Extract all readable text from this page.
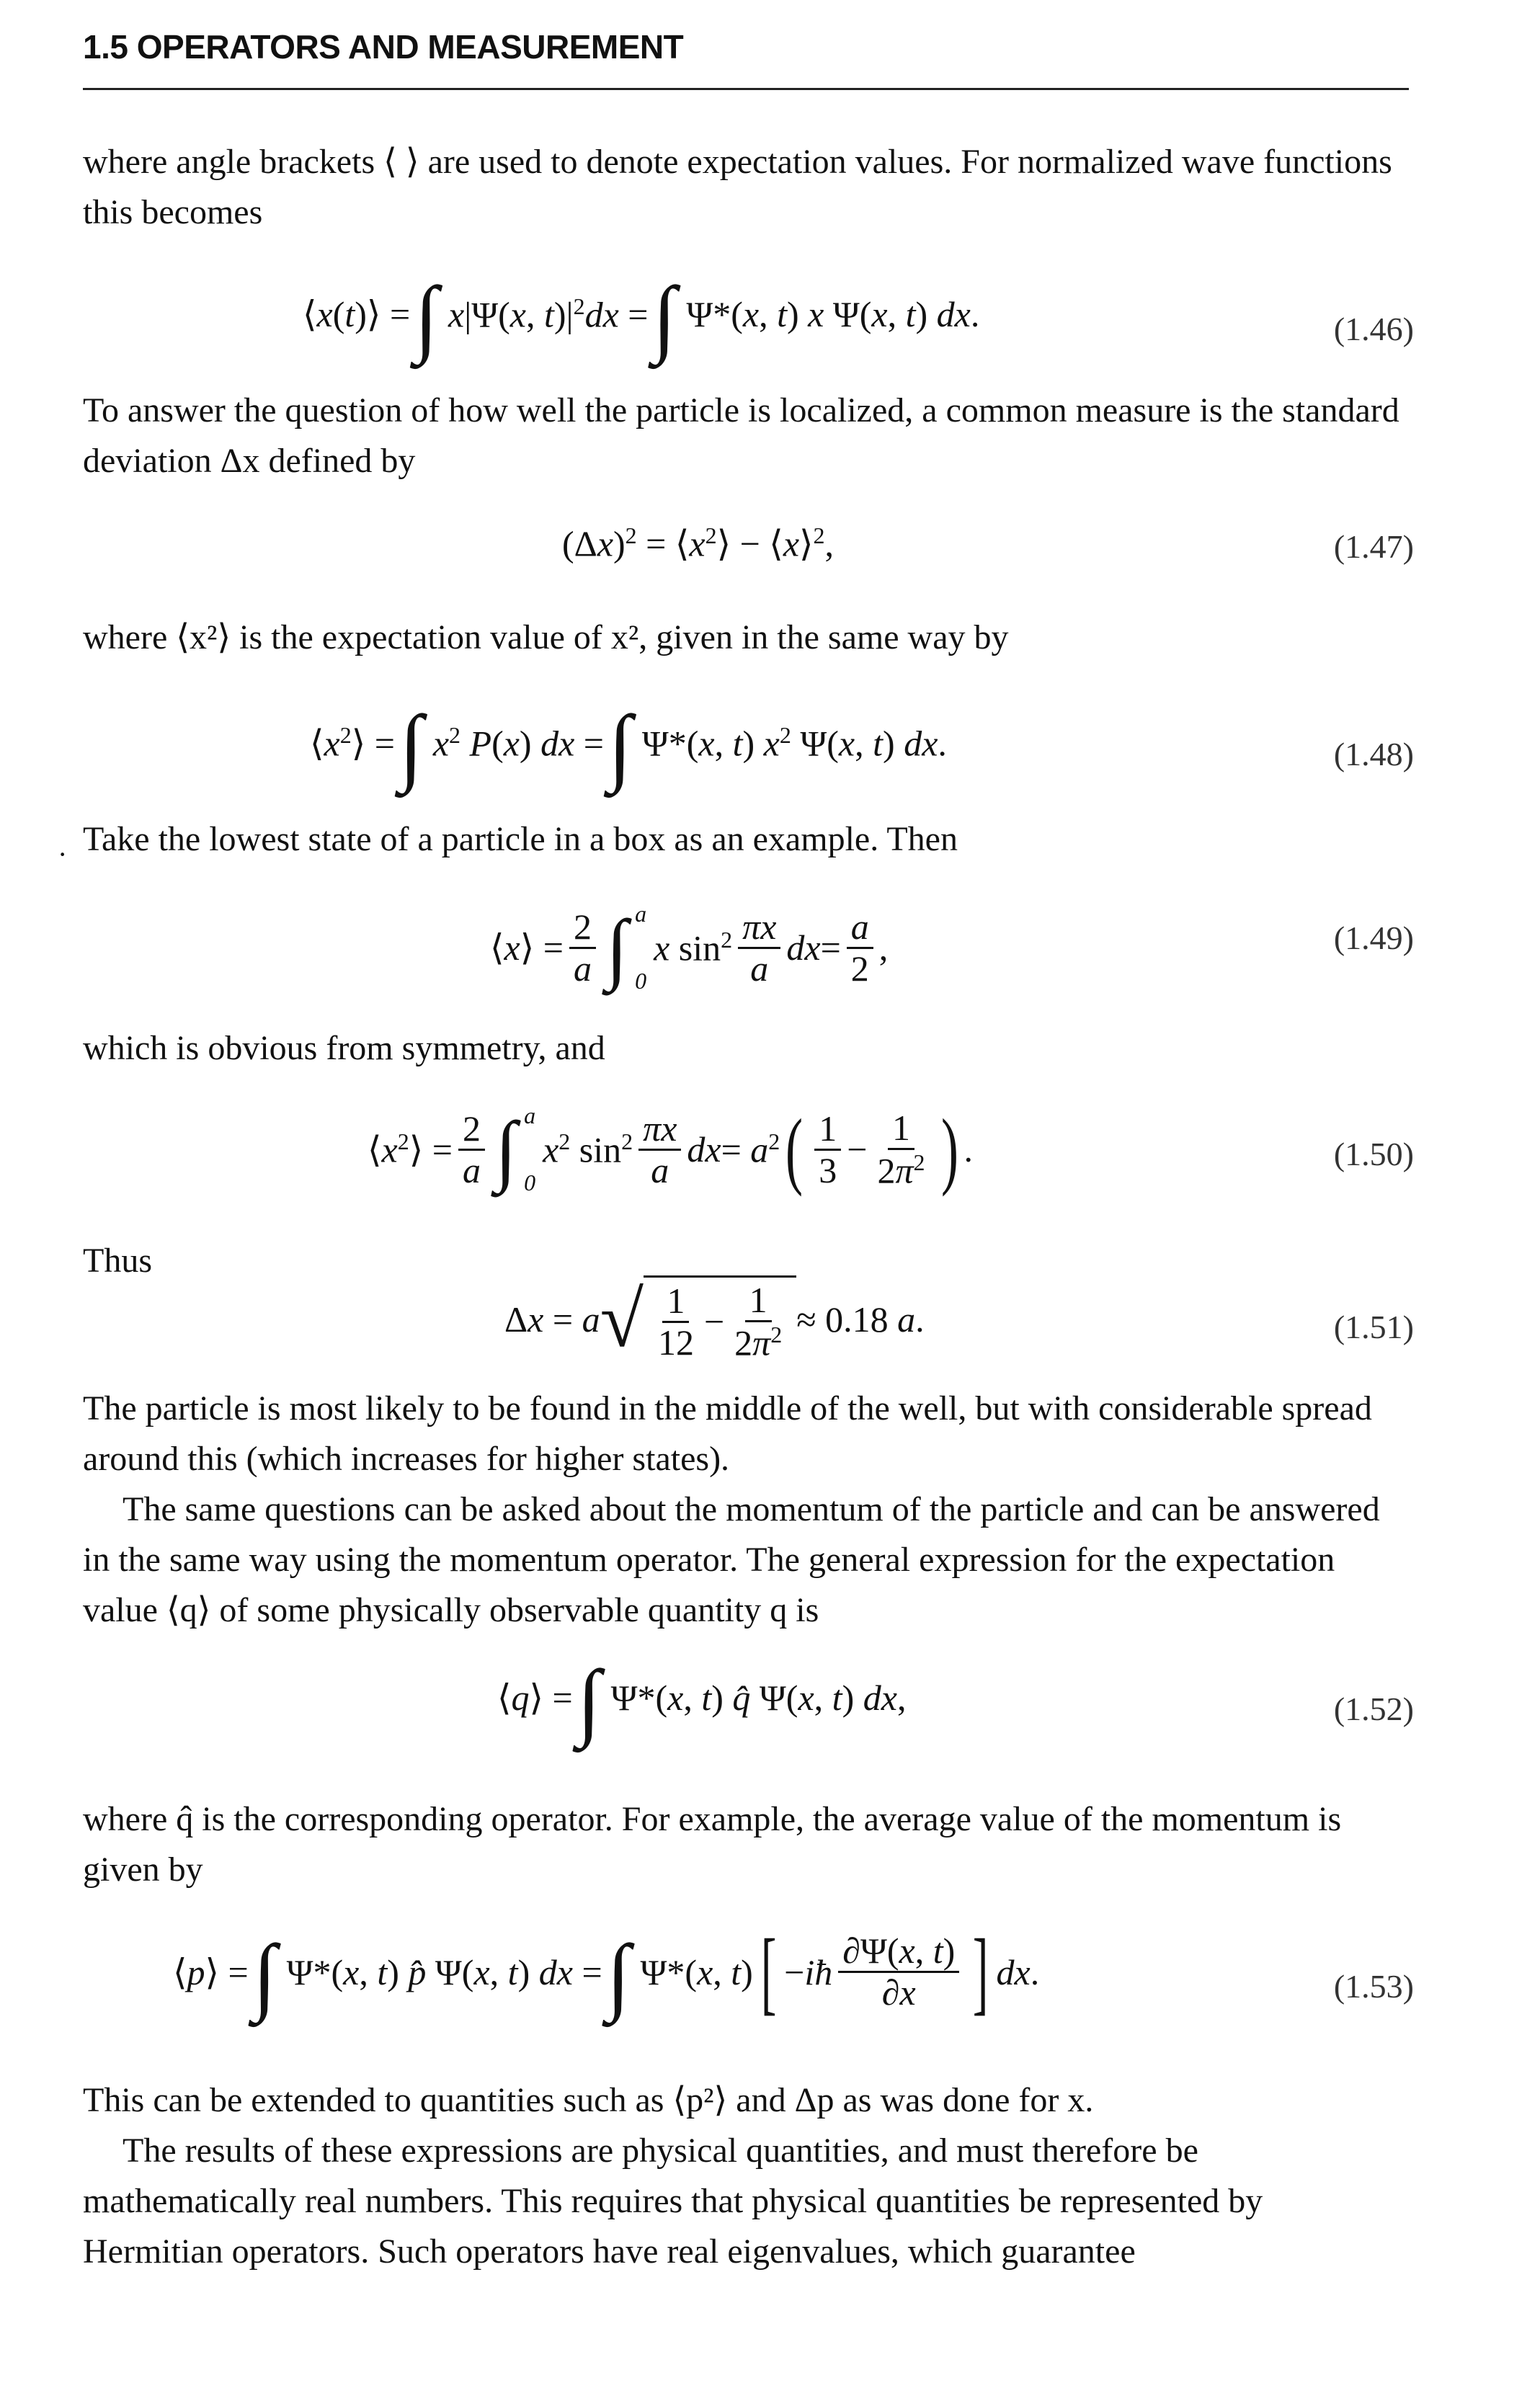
1.5 OPERATORS AND MEASUREMENT

where angle brackets ⟨ ⟩ are used to denote expectation values. For normalized wave functions this becomes

⟨x(t)⟩ = ∫ x|Ψ(x, $t)|^2dx$ = ∫ Ψ*(x, t) x Ψ(x, t) dx.	(1.46)

To answer the question of how well the particle is localized, a common measure is the standard deviation Δx defined by

$(\Delta x)^2$ = $⟨x^2⟩$ − ⟨x⟩$^2$,	(1.47)

where ⟨x²⟩ is the expectation value of x², given in the same way by

$⟨x^2⟩$ = ∫ $x^2$ P(x) dx = ∫ Ψ*(x, t) $x^2$ Ψ(x, t) dx.	(1.48)
· Take the lowest state of a particle in a box as an example. Then

⟨x⟩ = $\frac{2}{a}$ ∫ a
0
x $\sin^2 \frac{\pi x}{a}$ dx = $\frac{a}{2}$ ,	(1.49)

which is obvious from symmetry, and

$⟨x^2⟩ = \frac{2}{a}$ ∫ a
0
$x^2$ $\sin^2 \frac{\pi x}{a}$ dx = $a^2$ ( $\frac{1}{3} - \frac{1}{2\pi^2}$ ) .	(1.50)

Thus

Δx = a √ $\frac{1}{12} - \frac{1}{2\pi^2} \approx 0.18$ a.	(1.51)

The particle is most likely to be found in the middle of the well, but with considerable spread around this (which increases for higher states).

The same questions can be asked about the momentum of the particle and can be answered in the same way using the momentum operator. The general expression for the expectation value ⟨q⟩ of some physically observable quantity q is

⟨q⟩ = ∫ Ψ*(x, t) q̂ Ψ(x, t) dx,	(1.52)

where q̂ is the corresponding operator. For example, the average value of the momentum is given by

⟨p⟩ = ∫ Ψ*(x, t) p̂ Ψ(x, t) dx = ∫ Ψ*(x, t) [ −iħ $\frac{\partial\Psi(x, t)}{\partial x}$ ] dx.	(1.53)

This can be extended to quantities such as ⟨p²⟩ and Δp as was done for x.

The results of these expressions are physical quantities, and must therefore be mathematically real numbers. This requires that physical quantities be represented by Hermitian operators. Such operators have real eigenvalues, which guarantee
